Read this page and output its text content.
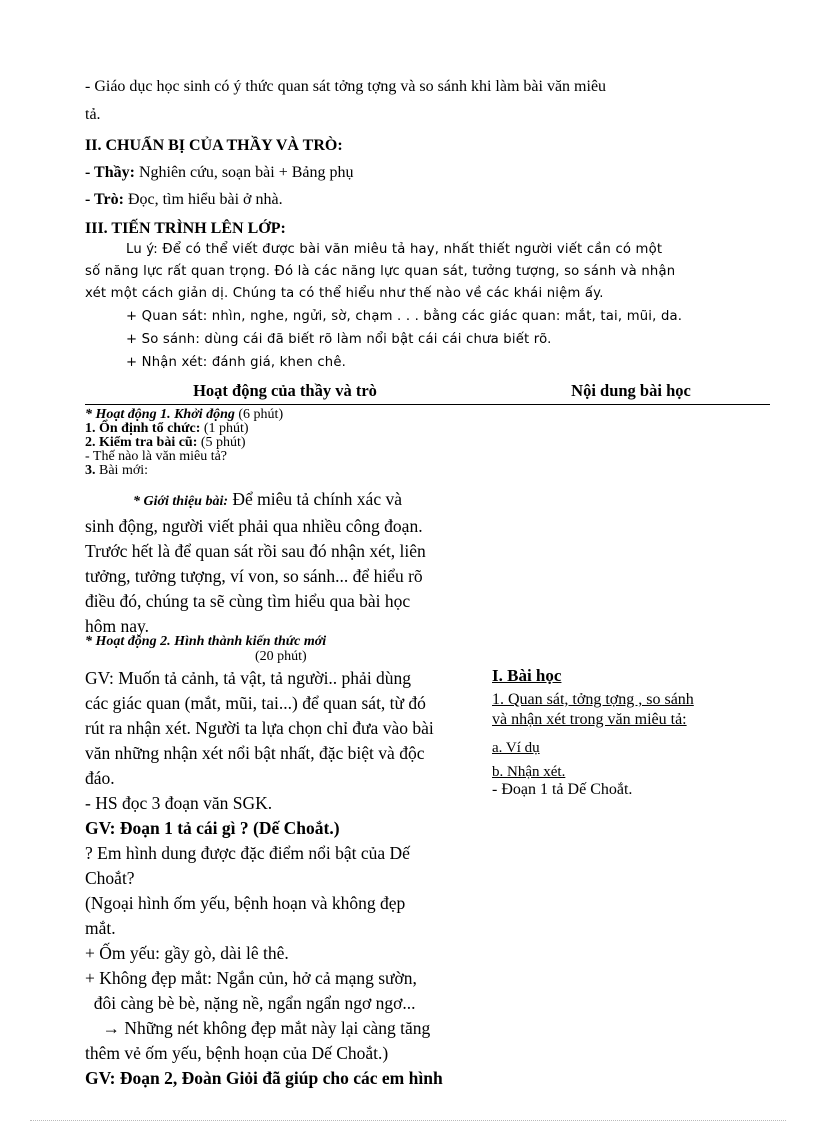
- Giáo dục học sinh có ý thức quan sát tởng tợng và so sánh khi làm bài văn miêu
tả.
II. CHUẨN BỊ CỦA THẦY VÀ TRÒ:
- Thầy: Nghiên cứu, soạn bài + Bảng phụ
- Trò: Đọc, tìm hiểu bài ở nhà.
III. TIẾN TRÌNH LÊN LỚP:
Lu ý: Để có thể viết được bài văn miêu tả hay, nhất thiết người viết cần có một
số năng lực rất quan trọng. Đó là các năng lực quan sát, tưởng tượng, so sánh và nhận
xét một cách giản dị. Chúng ta có thể hiểu như thế nào về các khái niệm ấy.
+ Quan sát: nhìn, nghe, ngửi, sờ, chạm . . . bằng các giác quan: mắt, tai, mũi, da.
+ So sánh: dùng cái đã biết rõ làm nổi bật cái cái chưa biết rõ.
+ Nhận xét: đánh giá, khen chê.
Hoạt động của thầy và trò	Nội dung bài học
* Hoạt động 1. Khởi động (6 phút)
1. Ổn định tổ chức: (1 phút)
2. Kiểm tra bài cũ: (5 phút)
- Thế nào là văn miêu tả?
3. Bài mới:
* Giới thiệu bài: Để miêu tả chính xác và
sinh động, người viết phải qua nhiều công đoạn.
Trước hết là để quan sát rồi sau đó nhận xét, liên
tưởng, tưởng tượng, ví von, so sánh... để hiểu rõ
điều đó, chúng ta sẽ cùng tìm hiểu qua bài học
hôm nay.
* Hoạt động 2. Hình thành kiến thức mới
(20 phút)
GV: Muốn tả cảnh, tả vật, tả người.. phải dùng
các giác quan (mắt, mũi, tai...) để quan sát, từ đó
rút ra nhận xét. Người ta lựa chọn chỉ đưa vào bài
văn những nhận xét nổi bật nhất, đặc biệt và độc
đáo.
- HS đọc 3 đoạn văn SGK.
GV: Đoạn 1 tả cái gì ? (Dế Choắt.)
? Em hình dung được đặc điểm nổi bật của Dế
Choắt?
(Ngoại hình ốm yếu, bệnh hoạn và không đẹp
mắt.
+ Ốm yếu: gầy gò, dài lê thê.
+ Không đẹp mắt: Ngắn củn, hở cả mạng sườn,
đôi càng bè bè, nặng nề, ngẩn ngẩn ngơ ngơ...
→ Những nét không đẹp mắt này lại càng tăng
thêm vẻ ốm yếu, bệnh hoạn của Dế Choắt.)
GV: Đoạn 2, Đoàn Giỏi đã giúp cho các em hình
I. Bài học
1. Quan sát, tởng tợng , so sánh
và nhận xét trong văn miêu tả:
a. Ví dụ
b. Nhận xét.
- Đoạn 1 tả Dế Choắt.
